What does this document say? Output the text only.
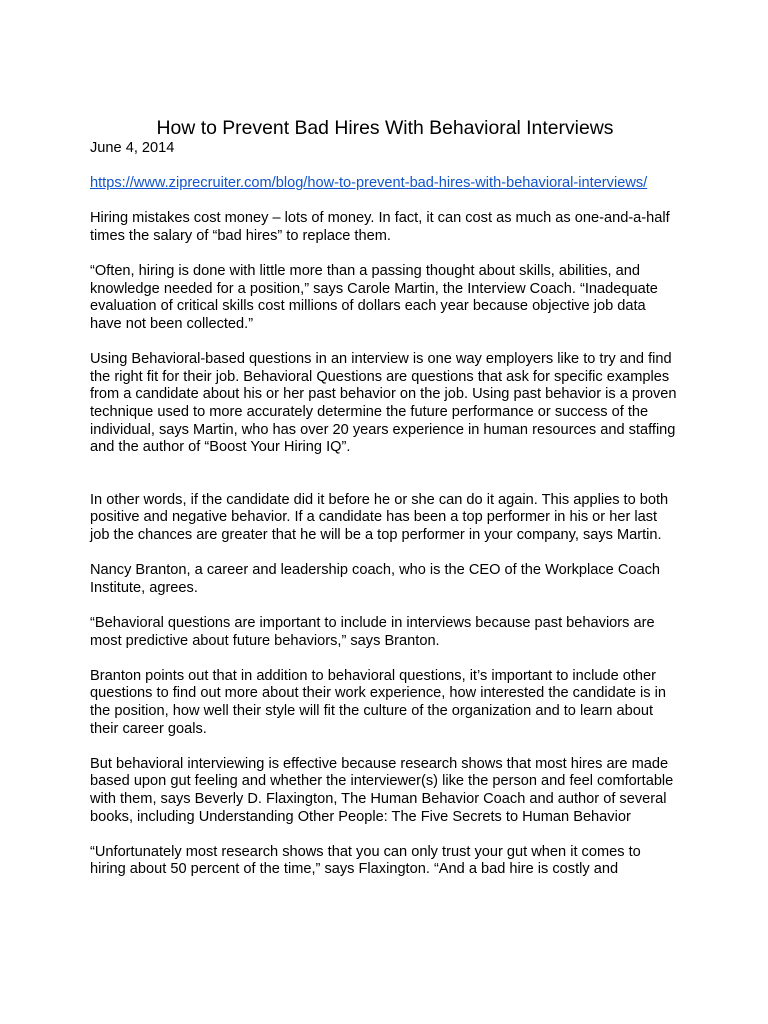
How to Prevent Bad Hires With Behavioral Interviews
June 4, 2014
https://www.ziprecruiter.com/blog/how-to-prevent-bad-hires-with-behavioral-interviews/

Hiring mistakes cost money – lots of money. In fact, it can cost as much as one-and-a-half times the salary of “bad hires” to replace them.

“Often, hiring is done with little more than a passing thought about skills, abilities, and knowledge needed for a position,” says Carole Martin, the Interview Coach. “Inadequate evaluation of critical skills cost millions of dollars each year because objective job data have not been collected.”

Using Behavioral-based questions in an interview is one way employers like to try and find the right fit for their job. Behavioral Questions are questions that ask for specific examples from a candidate about his or her past behavior on the job. Using past behavior is a proven technique used to more accurately determine the future performance or success of the individual, says Martin, who has over 20 years experience in human resources and staffing and the author of “Boost Your Hiring IQ”.

In other words, if the candidate did it before he or she can do it again. This applies to both positive and negative behavior. If a candidate has been a top performer in his or her last job the chances are greater that he will be a top performer in your company, says Martin.

Nancy Branton, a career and leadership coach, who is the CEO of the Workplace Coach Institute, agrees.

“Behavioral questions are important to include in interviews because past behaviors are most predictive about future behaviors,” says Branton.

Branton points out that in addition to behavioral questions, it’s important to include other questions to find out more about their work experience, how interested the candidate is in the position, how well their style will fit the culture of the organization and to learn about their career goals.

But behavioral interviewing is effective because research shows that most hires are made based upon gut feeling and whether the interviewer(s) like the person and feel comfortable with them, says Beverly D. Flaxington, The Human Behavior Coach and author of several books, including Understanding Other People: The Five Secrets to Human Behavior

“Unfortunately most research shows that you can only trust your gut when it comes to hiring about 50 percent of the time,” says Flaxington. “And a bad hire is costly and
